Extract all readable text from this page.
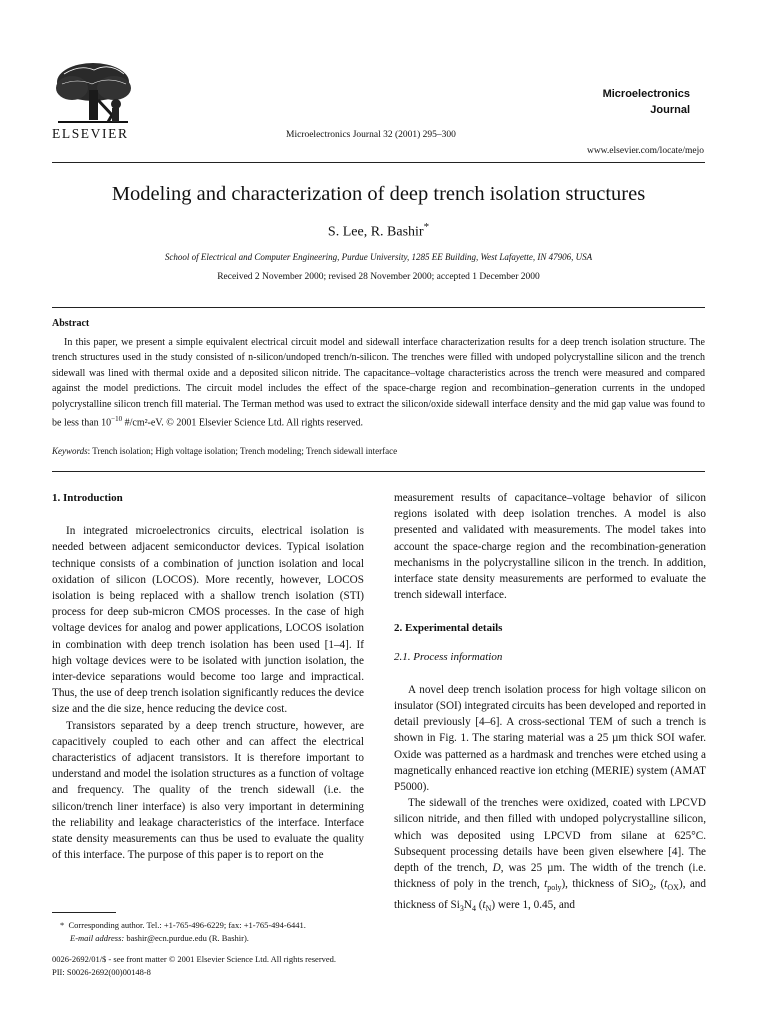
ELSEVIER	Microelectronics Journal 32 (2001) 295–300
Microelectronics
Journal
www.elsevier.com/locate/mejo
Modeling and characterization of deep trench isolation structures
S. Lee, R. Bashir*
School of Electrical and Computer Engineering, Purdue University, 1285 EE Building, West Lafayette, IN 47906, USA
Received 2 November 2000; revised 28 November 2000; accepted 1 December 2000
Abstract

In this paper, we present a simple equivalent electrical circuit model and sidewall interface characterization results for a deep trench isolation structure. The trench structures used in the study consisted of n-silicon/undoped trench/n-silicon. The trenches were filled with undoped polycrystalline silicon and the trench sidewall was lined with thermal oxide and a deposited silicon nitride. The capacitance–voltage characteristics across the trench were measured and compared against the model predictions. The circuit model includes the effect of the space-charge region and recombination–generation currents in the undoped polycrystalline silicon trench fill material. The Terman method was used to extract the silicon/oxide sidewall interface density and the mid gap value was found to be less than $10^{-10}$ #/cm²-eV. © 2001 Elsevier Science Ltd. All rights reserved.

Keywords: Trench isolation; High voltage isolation; Trench modeling; Trench sidewall interface

1. Introduction

In integrated microelectronics circuits, electrical isolation is needed between adjacent semiconductor devices. Typical isolation technique consists of a combination of junction isolation and local oxidation of silicon (LOCOS). More recently, however, LOCOS isolation is being replaced with a shallow trench isolation (STI) process for deep sub-micron CMOS processes. In the case of high voltage devices for analog and power applications, LOCOS isolation in combination with deep trench isolation has been used [1–4]. If high voltage devices were to be isolated with junction isolation, the inter-device separations would become too large and impractical. Thus, the use of deep trench isolation significantly reduces the device size and the die size, hence reducing the device cost.

Transistors separated by a deep trench structure, however, are capacitively coupled to each other and can affect the electrical characteristics of adjacent transistors. It is therefore important to understand and model the isolation structures as a function of voltage and frequency. The quality of the trench sidewall (i.e. the silicon/trench liner interface) is also very important in determining the reliability and leakage characteristics of the interface. Interface state density measurements can thus be used to evaluate the quality of this interface. The purpose of this paper is to report on the

measurement results of capacitance–voltage behavior of silicon regions isolated with deep isolation trenches. A model is also presented and validated with measurements. The model takes into account the space-charge region and the recombination-generation mechanisms in the polycrystalline silicon in the trench. In addition, interface state density measurements are performed to evaluate the trench sidewall interface.

2. Experimental details

2.1. Process information

A novel deep trench isolation process for high voltage silicon on insulator (SOI) integrated circuits has been developed and reported in detail previously [4–6]. A cross-sectional TEM of such a trench is shown in Fig. 1. The staring material was a 25 µm thick SOI wafer. Oxide was patterned as a hardmask and trenches were etched using a magnetically enhanced reactive ion etching (MERIE) system (AMAT P5000).

The sidewall of the trenches were oxidized, coated with LPCVD silicon nitride, and then filled with undoped polycrystalline silicon, which was deposited using LPCVD from silane at 625°C. Subsequent processing details have been given elsewhere [4]. The depth of the trench, D, was 25 µm. The width of the trench (i.e. thickness of poly in the trench, $t_{poly}$), thickness of SiO$_2$, $(t_{OX})$, and thickness of $Si_3N_4$ $(t_N)$ were 1, 0.45, and

* Corresponding author. Tel.: +1-765-496-6229; fax: +1-765-494-6441.
E-mail address: bashir@ecn.purdue.edu (R. Bashir).
0026-2692/01/$ - see front matter © 2001 Elsevier Science Ltd. All rights reserved.
PII: S0026-2692(00)00148-8
